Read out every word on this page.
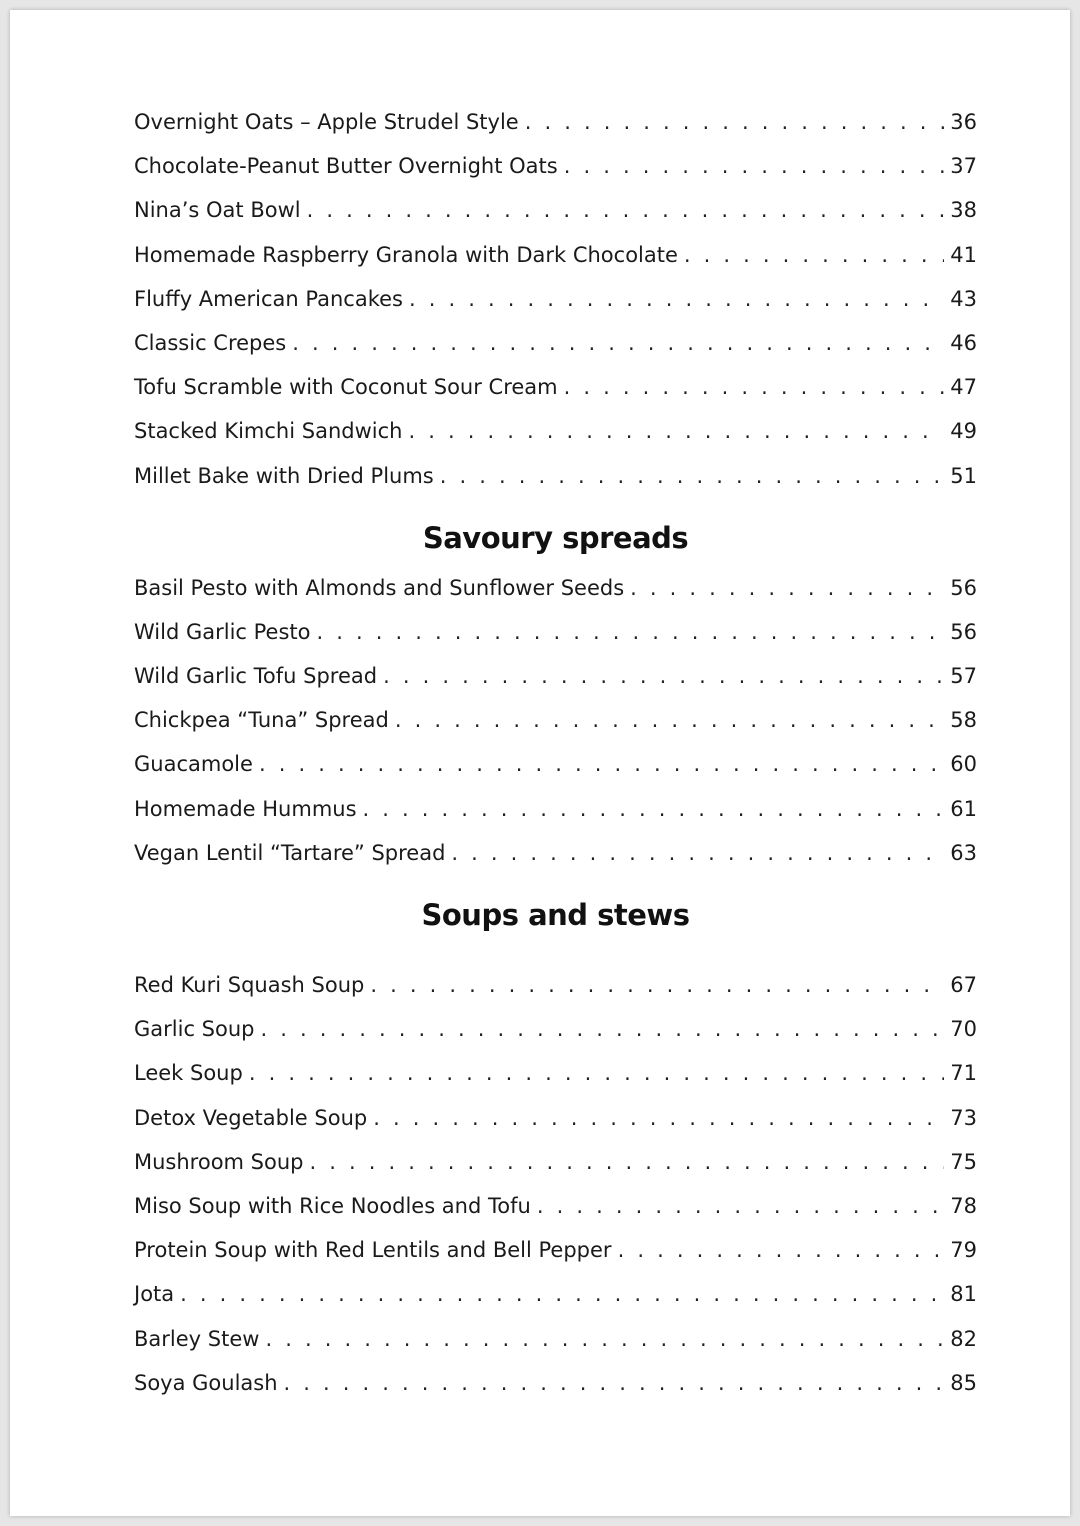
Overnight Oats – Apple Strudel Style . . .	36
Chocolate-Peanut Butter Overnight Oats . . .	37
Nina’s Oat Bowl . . .	38
Homemade Raspberry Granola with Dark Chocolate . . .	41
Fluffy American Pancakes . . .	43
Classic Crepes . . .	46
Tofu Scramble with Coconut Sour Cream . . .	47
Stacked Kimchi Sandwich . . .	49
Millet Bake with Dried Plums . . .	51
Savoury spreads
Basil Pesto with Almonds and Sunflower Seeds . . .	56
Wild Garlic Pesto . . .	56
Wild Garlic Tofu Spread . . .	57
Chickpea “Tuna” Spread . . .	58
Guacamole . . .	60
Homemade Hummus . . .	61
Vegan Lentil “Tartare” Spread . . .	63
Soups and stews
Red Kuri Squash Soup . . .	67
Garlic Soup . . .	70
Leek Soup . . .	71
Detox Vegetable Soup . . .	73
Mushroom Soup . . .	75
Miso Soup with Rice Noodles and Tofu . . .	78
Protein Soup with Red Lentils and Bell Pepper . . .	79
Jota . . .	81
Barley Stew . . .	82
Soya Goulash . . .	85
